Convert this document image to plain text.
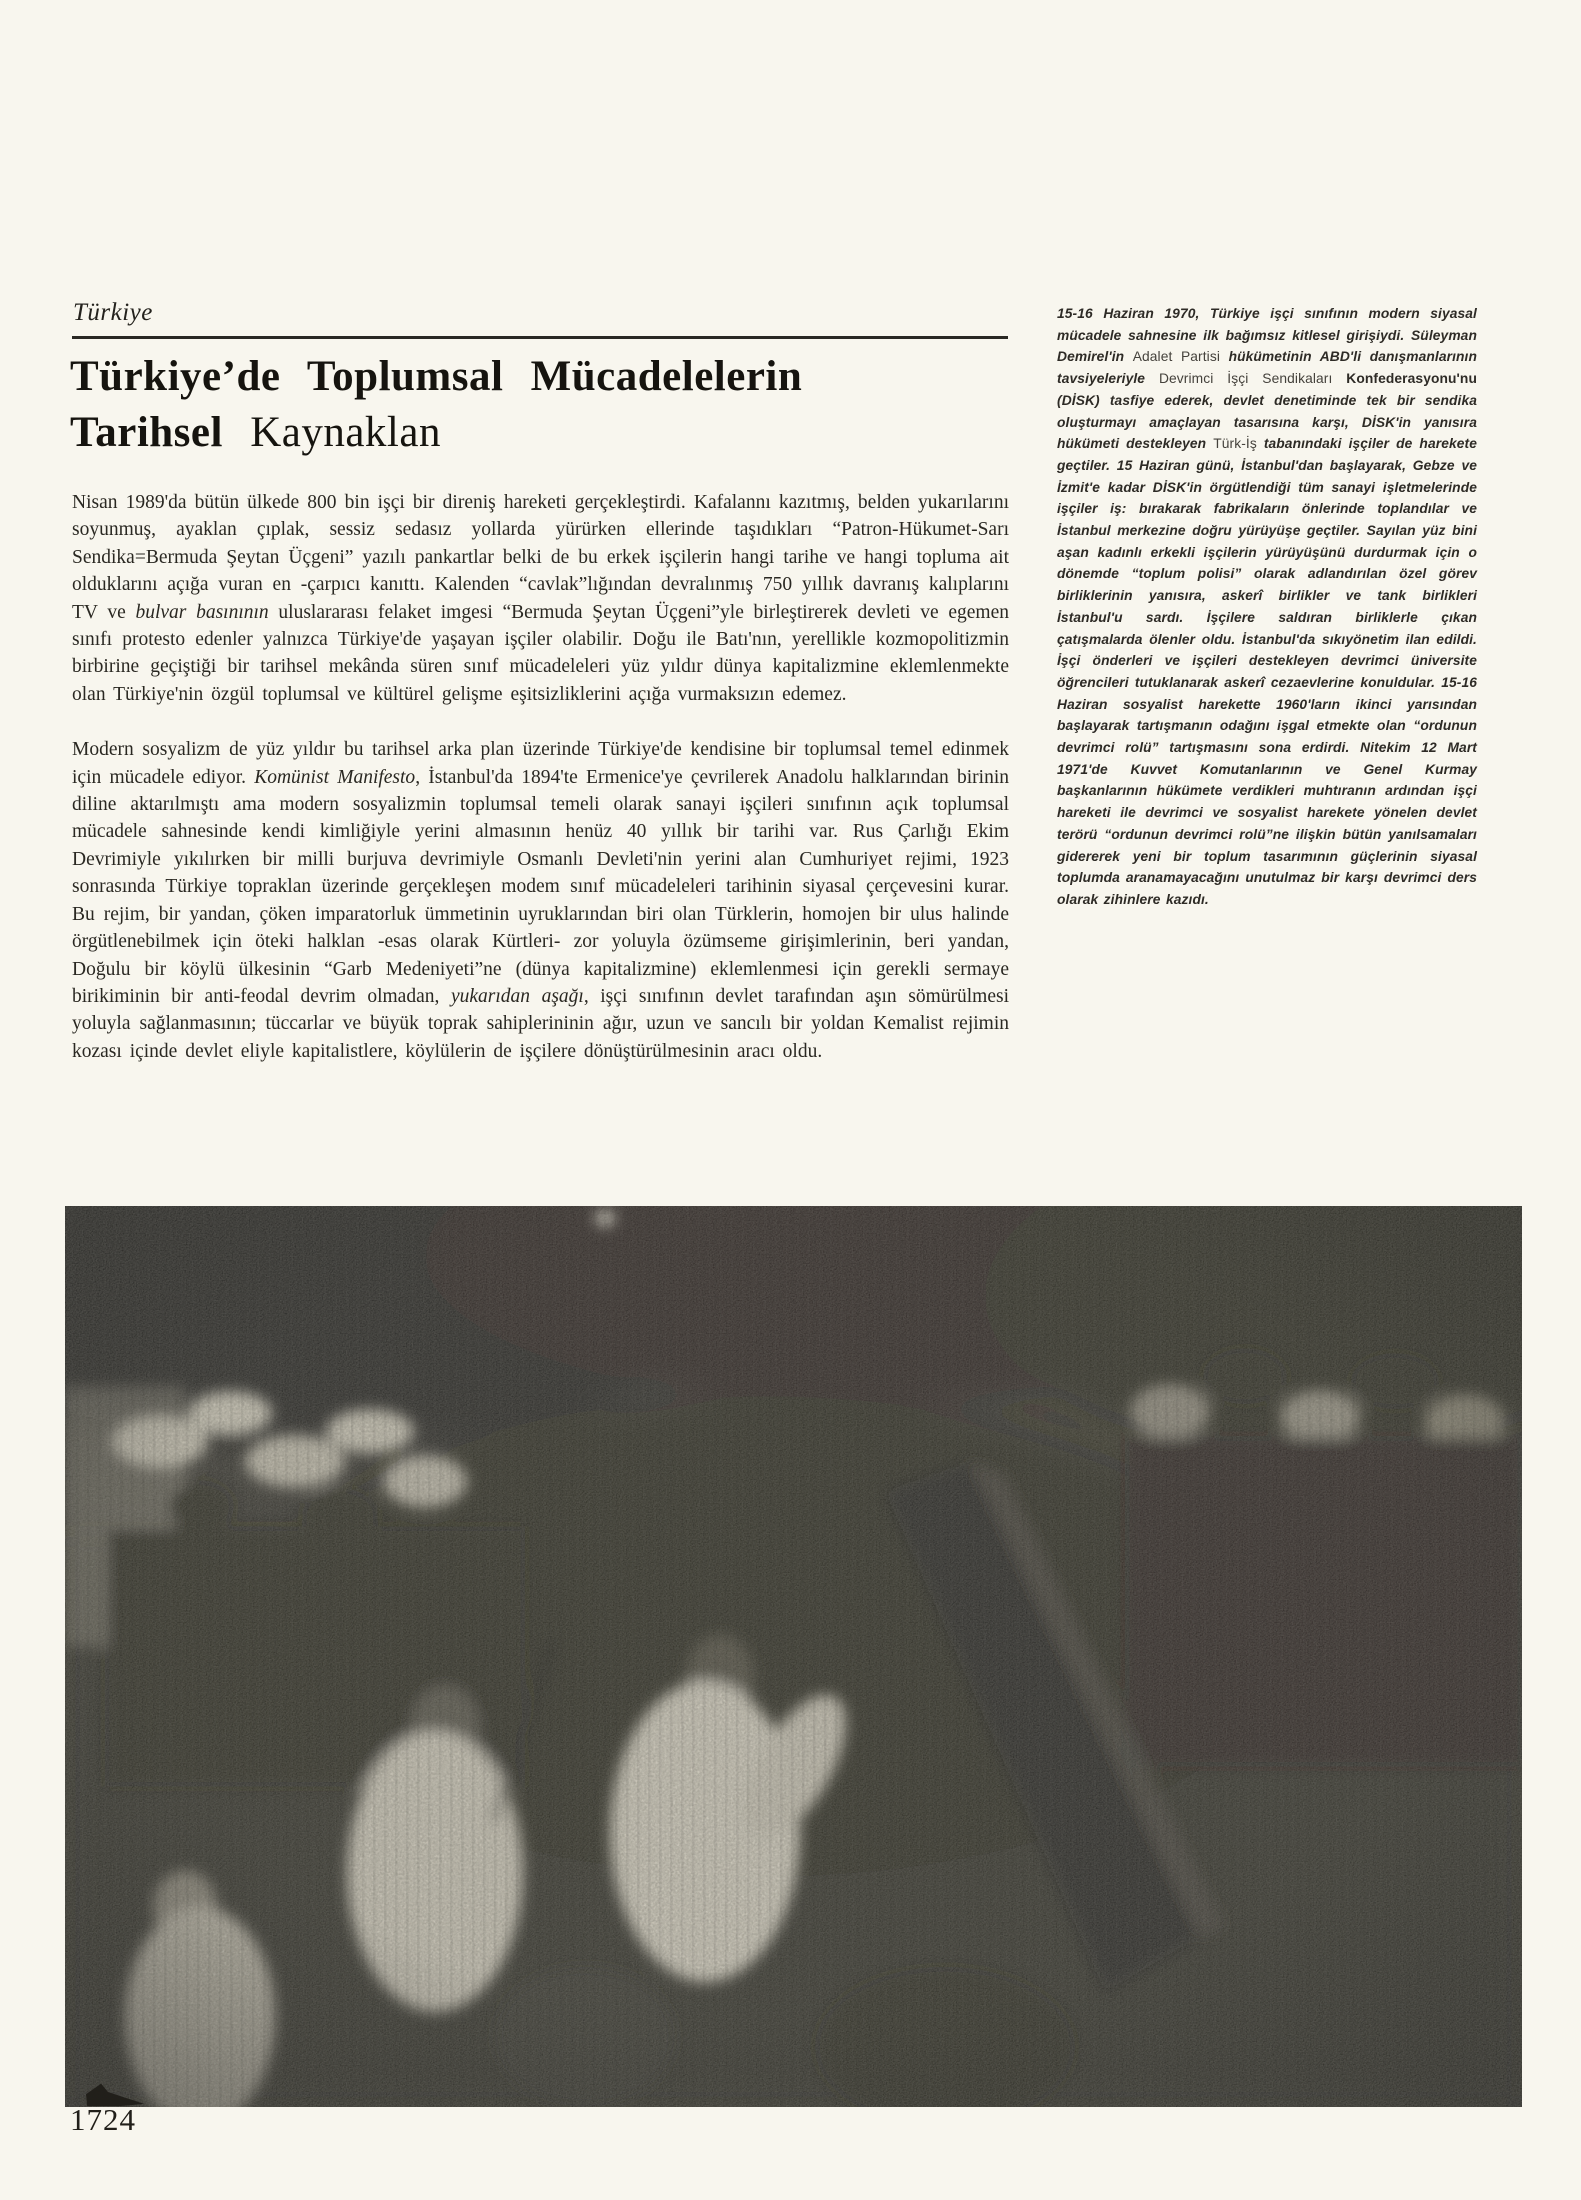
Türkiye
Türkiye’de Toplumsal Mücadelelerin
Tarihsel Kaynaklan

Nisan 1989'da bütün ülkede 800 bin işçi bir direniş hareketi gerçekleştirdi. Kafalannı kazıtmış, belden yukarılarını soyunmuş, ayaklan çıplak, sessiz sedasız yollarda yürürken ellerinde taşıdıkları “Patron-Hükumet-Sarı Sendika=Bermuda Şeytan Üçgeni” yazılı pankartlar belki de bu erkek işçilerin hangi tarihe ve hangi topluma ait olduklarını açığa vuran en -çarpıcı kanıttı. Kalenden “cavlak”lığından devralınmış 750 yıllık davranış kalıplarını TV ve bulvar basınının uluslararası felaket imgesi “Bermuda Şeytan Üçgeni”yle birleştirerek devleti ve egemen sınıfı protesto edenler yalnızca Türkiye'de yaşayan işçiler olabilir. Doğu ile Batı'nın, yerellikle kozmopolitizmin birbirine geçiştiği bir tarihsel mekânda süren sınıf mücadeleleri yüz yıldır dünya kapitalizmine eklemlenmekte olan Türkiye'nin özgül toplumsal ve kültürel gelişme eşitsizliklerini açığa vurmaksızın edemez.

Modern sosyalizm de yüz yıldır bu tarihsel arka plan üzerinde Türkiye'de kendisine bir toplumsal temel edinmek için mücadele ediyor. Komünist Manifesto, İstanbul'da 1894'te Ermenice'ye çevrilerek Anadolu halklarından birinin diline aktarılmıştı ama modern sosyalizmin toplumsal temeli olarak sanayi işçileri sınıfının açık toplumsal mücadele sahnesinde kendi kimliğiyle yerini almasının henüz 40 yıllık bir tarihi var. Rus Çarlığı Ekim Devrimiyle yıkılırken bir milli burjuva devrimiyle Osmanlı Devleti'nin yerini alan Cumhuriyet rejimi, 1923 sonrasında Türkiye topraklan üzerinde gerçekleşen modem sınıf mücadeleleri tarihinin siyasal çerçevesini kurar. Bu rejim, bir yandan, çöken imparatorluk ümmetinin uyruklarından biri olan Türklerin, homojen bir ulus halinde örgütlenebilmek için öteki halklan -esas olarak Kürtleri- zor yoluyla özümseme girişimlerinin, beri yandan, Doğulu bir köylü ülkesinin “Garb Medeniyeti”ne (dünya kapitalizmine) eklemlenmesi için gerekli sermaye birikiminin bir anti-feodal devrim olmadan, yukarıdan aşağı, işçi sınıfının devlet tarafından aşın sömürülmesi yoluyla sağlanmasının; tüccarlar ve büyük toprak sahiplerininin ağır, uzun ve sancılı bir yoldan Kemalist rejimin kozası içinde devlet eliyle kapitalistlere, köylülerin de işçilere dönüştürülmesinin aracı oldu.

15-16 Haziran 1970, Türkiye işçi sınıfının modern siyasal mücadele sahnesine ilk bağımsız kitlesel girişiydi. Süleyman Demirel'in Adalet Partisi hükümetinin ABD'li danışmanlarının tavsiyeleriyle Devrimci İşçi Sendikaları Konfederasyonu'nu (DİSK) tasfiye ederek, devlet denetiminde tek bir sendika oluşturmayı amaçlayan tasarısına karşı, DİSK'in yanısıra hükümeti destekleyen Türk-İş tabanındaki işçiler de harekete geçtiler. 15 Haziran günü, İstanbul'dan başlayarak, Gebze ve İzmit'e kadar DİSK'in örgütlendiği tüm sanayi işletmelerinde işçiler iş: bırakarak fabrikaların önlerinde toplandılar ve İstanbul merkezine doğru yürüyüşe geçtiler. Sayılan yüz bini aşan kadınlı erkekli işçilerin yürüyüşünü durdurmak için o dönemde “toplum polisi” olarak adlandırılan özel görev birliklerinin yanısıra, askerî birlikler ve tank birlikleri İstanbul'u sardı. İşçilere saldıran birliklerle çıkan çatışmalarda ölenler oldu. İstanbul'da sıkıyönetim ilan edildi. İşçi önderleri ve işçileri destekleyen devrimci üniversite öğrencileri tutuklanarak askerî cezaevlerine konuldular. 15-16 Haziran sosyalist harekette 1960'ların ikinci yarısından başlayarak tartışmanın odağını işgal etmekte olan “ordunun devrimci rolü” tartışmasını sona erdirdi. Nitekim 12 Mart 1971'de Kuvvet Komutanlarının ve Genel Kurmay başkanlarının hükümete verdikleri muhtıranın ardından işçi hareketi ile devrimci ve sosyalist harekete yönelen devlet terörü “ordunun devrimci rolü”ne ilişkin bütün yanılsamaları gidererek yeni bir toplum tasarımının güçlerinin siyasal toplumda aranamayacağını unutulmaz bir karşı devrimci ders olarak zihinlere kazıdı.
1724
